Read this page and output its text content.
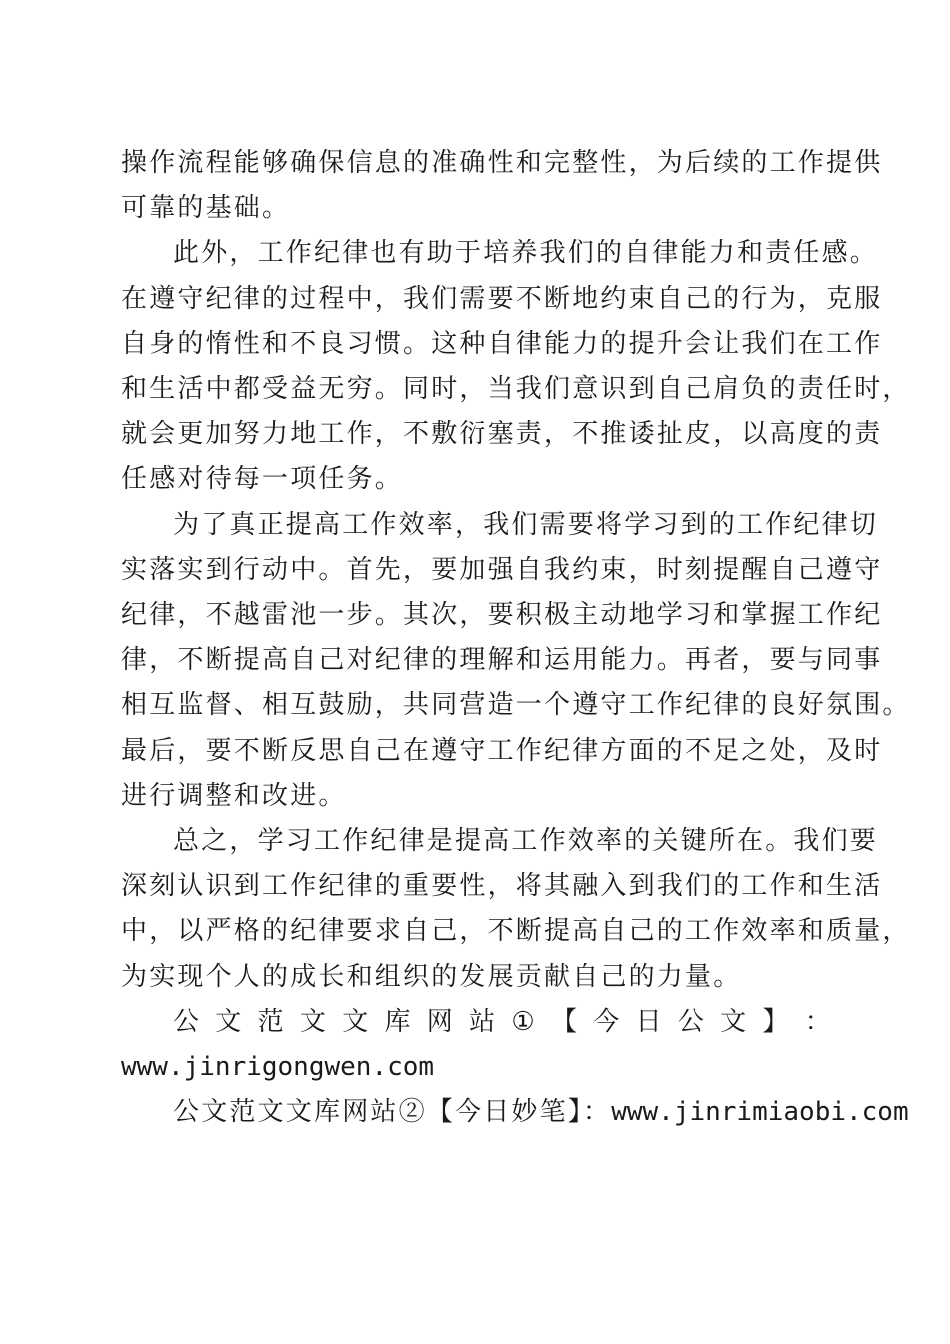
操作流程能够确保信息的准确性和完整性，为后续的工作提供
可靠的基础。

此外，工作纪律也有助于培养我们的自律能力和责任感。
在遵守纪律的过程中，我们需要不断地约束自己的行为，克服
自身的惰性和不良习惯。这种自律能力的提升会让我们在工作
和生活中都受益无穷。同时，当我们意识到自己肩负的责任时，
就会更加努力地工作，不敷衍塞责，不推诿扯皮，以高度的责
任感对待每一项任务。

为了真正提高工作效率，我们需要将学习到的工作纪律切
实落实到行动中。首先，要加强自我约束，时刻提醒自己遵守
纪律，不越雷池一步。其次，要积极主动地学习和掌握工作纪
律，不断提高自己对纪律的理解和运用能力。再者，要与同事
相互监督、相互鼓励，共同营造一个遵守工作纪律的良好氛围。
最后，要不断反思自己在遵守工作纪律方面的不足之处，及时
进行调整和改进。

总之，学习工作纪律是提高工作效率的关键所在。我们要
深刻认识到工作纪律的重要性，将其融入到我们的工作和生活
中，以严格的纪律要求自己，不断提高自己的工作效率和质量，
为实现个人的成长和组织的发展贡献自己的力量。

公 文 范 文 文 库 网 站 ① 【 今 日 公 文 】 ：
www.jinrigongwen.com
公文范文文库网站②【今日妙笔】：www.jinrimiaobi.com
